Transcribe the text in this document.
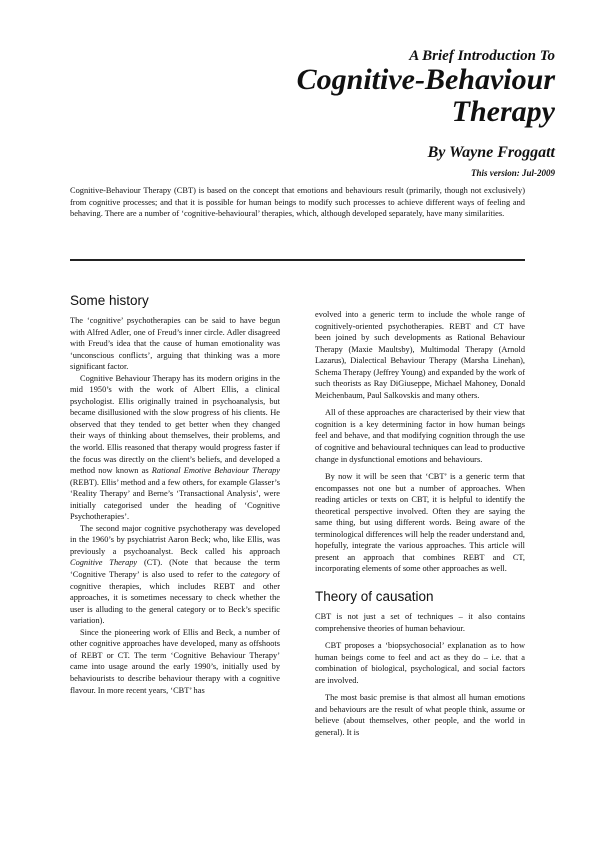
A Brief Introduction To

Cognitive-Behaviour

Therapy

By Wayne Froggatt

This version: Jul-2009

Cognitive-Behaviour Therapy (CBT) is based on the concept that emotions and behaviours result (primarily, though not exclusively) from cognitive processes; and that it is possible for human beings to modify such processes to achieve different ways of feeling and behaving. There are a number of ‘cognitive-behavioural’ therapies, which, although developed separately, have many similarities.

Some history

The ‘cognitive’ psychotherapies can be said to have begun with Alfred Adler, one of Freud’s inner circle. Adler disagreed with Freud’s idea that the cause of human emotionality was ‘unconscious conflicts’, arguing that thinking was a more significant factor.

Cognitive Behaviour Therapy has its modern origins in the mid 1950’s with the work of Albert Ellis, a clinical psychologist. Ellis originally trained in psychoanalysis, but became disillusioned with the slow progress of his clients. He observed that they tended to get better when they changed their ways of thinking about themselves, their problems, and the world. Ellis reasoned that therapy would progress faster if the focus was directly on the client’s beliefs, and developed a method now known as Rational Emotive Behaviour Therapy (REBT). Ellis’ method and a few others, for example Glasser’s ‘Reality Therapy’ and Berne’s ‘Transactional Analysis’, were initially categorised under the heading of ‘Cognitive Psychotherapies’.

The second major cognitive psychotherapy was developed in the 1960’s by psychiatrist Aaron Beck; who, like Ellis, was previously a psychoanalyst. Beck called his approach Cognitive Therapy (CT). (Note that because the term ‘Cognitive Therapy’ is also used to refer to the category of cognitive therapies, which includes REBT and other approaches, it is sometimes necessary to check whether the user is alluding to the general category or to Beck’s specific variation).

Since the pioneering work of Ellis and Beck, a number of other cognitive approaches have developed, many as offshoots of REBT or CT. The term ‘Cognitive Behaviour Therapy’ came into usage around the early 1990’s, initially used by behaviourists to describe behaviour therapy with a cognitive flavour. In more recent years, ‘CBT’ has

evolved into a generic term to include the whole range of cognitively-oriented psychotherapies. REBT and CT have been joined by such developments as Rational Behaviour Therapy (Maxie Maultsby), Multimodal Therapy (Arnold Lazarus), Dialectical Behaviour Therapy (Marsha Linehan), Schema Therapy (Jeffrey Young) and expanded by the work of such theorists as Ray DiGiuseppe, Michael Mahoney, Donald Meichenbaum, Paul Salkovskis and many others.

All of these approaches are characterised by their view that cognition is a key determining factor in how human beings feel and behave, and that modifying cognition through the use of cognitive and behavioural techniques can lead to productive change in dysfunctional emotions and behaviours.

By now it will be seen that ‘CBT’ is a generic term that encompasses not one but a number of approaches. When reading articles or texts on CBT, it is helpful to identify the theoretical perspective involved. Often they are saying the same thing, but using different words. Being aware of the terminological differences will help the reader understand and, hopefully, integrate the various approaches. This article will present an approach that combines REBT and CT, incorporating elements of some other approaches as well.

Theory of causation

CBT is not just a set of techniques – it also contains comprehensive theories of human behaviour.

CBT proposes a ‘biopsychosocial’ explanation as to how human beings come to feel and act as they do – i.e. that a combination of biological, psychological, and social factors are involved.

The most basic premise is that almost all human emotions and behaviours are the result of what people think, assume or believe (about themselves, other people, and the world in general). It is
